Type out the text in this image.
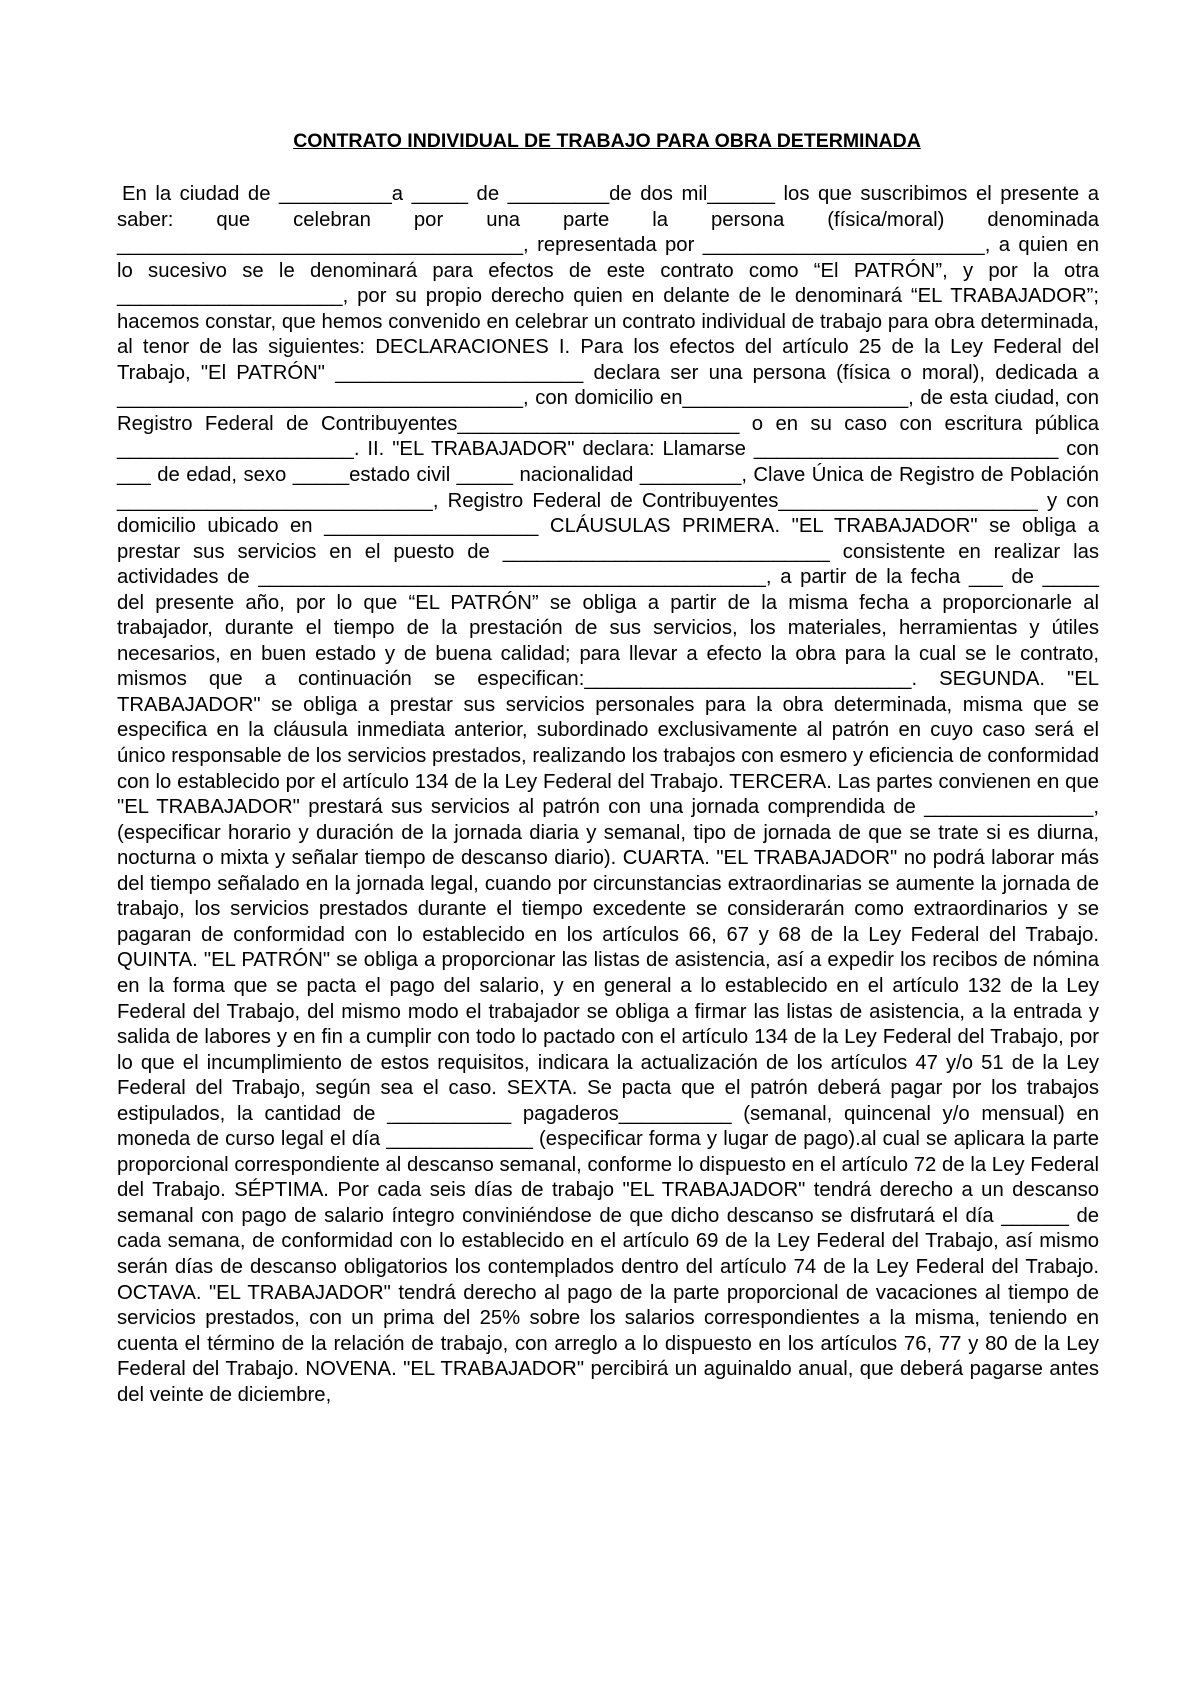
CONTRATO INDIVIDUAL DE TRABAJO PARA OBRA DETERMINADA

En la ciudad de __________a _____ de _________de dos mil______ los que suscribimos el presente a saber: que celebran por una parte la persona (física/moral) denominada ____________________________________, representada por _________________________, a quien en lo sucesivo se le denominará para efectos de este contrato como “El PATRÓN”, y por la otra ____________________, por su propio derecho quien en delante de le denominará “EL TRABAJADOR”; hacemos constar, que hemos convenido en celebrar un contrato individual de trabajo para obra determinada, al tenor de las siguientes: DECLARACIONES I. Para los efectos del artículo 25 de la Ley Federal del Trabajo, "El PATRÓN" ______________________ declara ser una persona (física o moral), dedicada a ____________________________________, con domicilio en____________________, de esta ciudad, con Registro Federal de Contribuyentes_________________________ o en su caso con escritura pública _____________________. II. "EL TRABAJADOR" declara: Llamarse ___________________________ con ___ de edad, sexo _____estado civil _____ nacionalidad _________, Clave Única de Registro de Población ____________________________, Registro Federal de Contribuyentes_______________________ y con domicilio ubicado en ___________________ CLÁUSULAS PRIMERA. "EL TRABAJADOR" se obliga a prestar sus servicios en el puesto de _____________________________ consistente en realizar las actividades de _____________________________________________, a partir de la fecha ___ de _____ del presente año, por lo que “EL PATRÓN” se obliga a partir de la misma fecha a proporcionarle al trabajador, durante el tiempo de la prestación de sus servicios, los materiales, herramientas y útiles necesarios, en buen estado y de buena calidad; para llevar a efecto la obra para la cual se le contrato, mismos que a continuación se especifican:_____________________________. SEGUNDA. "EL TRABAJADOR" se obliga a prestar sus servicios personales para la obra determinada, misma que se especifica en la cláusula inmediata anterior, subordinado exclusivamente al patrón en cuyo caso será el único responsable de los servicios prestados, realizando los trabajos con esmero y eficiencia de conformidad con lo establecido por el artículo 134 de la Ley Federal del Trabajo. TERCERA. Las partes convienen en que "EL TRABAJADOR" prestará sus servicios al patrón con una jornada comprendida de _______________, (especificar horario y duración de la jornada diaria y semanal, tipo de jornada de que se trate si es diurna, nocturna o mixta y señalar tiempo de descanso diario). CUARTA. "EL TRABAJADOR" no podrá laborar más del tiempo señalado en la jornada legal, cuando por circunstancias extraordinarias se aumente la jornada de trabajo, los servicios prestados durante el tiempo excedente se considerarán como extraordinarios y se pagaran de conformidad con lo establecido en los artículos 66, 67 y 68 de la Ley Federal del Trabajo. QUINTA. "EL PATRÓN" se obliga a proporcionar las listas de asistencia, así a expedir los recibos de nómina en la forma que se pacta el pago del salario, y en general a lo establecido en el artículo 132 de la Ley Federal del Trabajo, del mismo modo el trabajador se obliga a firmar las listas de asistencia, a la entrada y salida de labores y en fin a cumplir con todo lo pactado con el artículo 134 de la Ley Federal del Trabajo, por lo que el incumplimiento de estos requisitos, indicara la actualización de los artículos 47 y/o 51 de la Ley Federal del Trabajo, según sea el caso. SEXTA. Se pacta que el patrón deberá pagar por los trabajos estipulados, la cantidad de ___________ pagaderos__________ (semanal, quincenal y/o mensual) en moneda de curso legal el día _____________ (especificar forma y lugar de pago).al cual se aplicara la parte proporcional correspondiente al descanso semanal, conforme lo dispuesto en el artículo 72 de la Ley Federal del Trabajo. SÉPTIMA. Por cada seis días de trabajo "EL TRABAJADOR" tendrá derecho a un descanso semanal con pago de salario íntegro conviniéndose de que dicho descanso se disfrutará el día ______ de cada semana, de conformidad con lo establecido en el artículo 69 de la Ley Federal del Trabajo, así mismo serán días de descanso obligatorios los contemplados dentro del artículo 74 de la Ley Federal del Trabajo. OCTAVA. "EL TRABAJADOR" tendrá derecho al pago de la parte proporcional de vacaciones al tiempo de servicios prestados, con un prima del 25% sobre los salarios correspondientes a la misma, teniendo en cuenta el término de la relación de trabajo, con arreglo a lo dispuesto en los artículos 76, 77 y 80 de la Ley Federal del Trabajo. NOVENA. "EL TRABAJADOR" percibirá un aguinaldo anual, que deberá pagarse antes del veinte de diciembre,
